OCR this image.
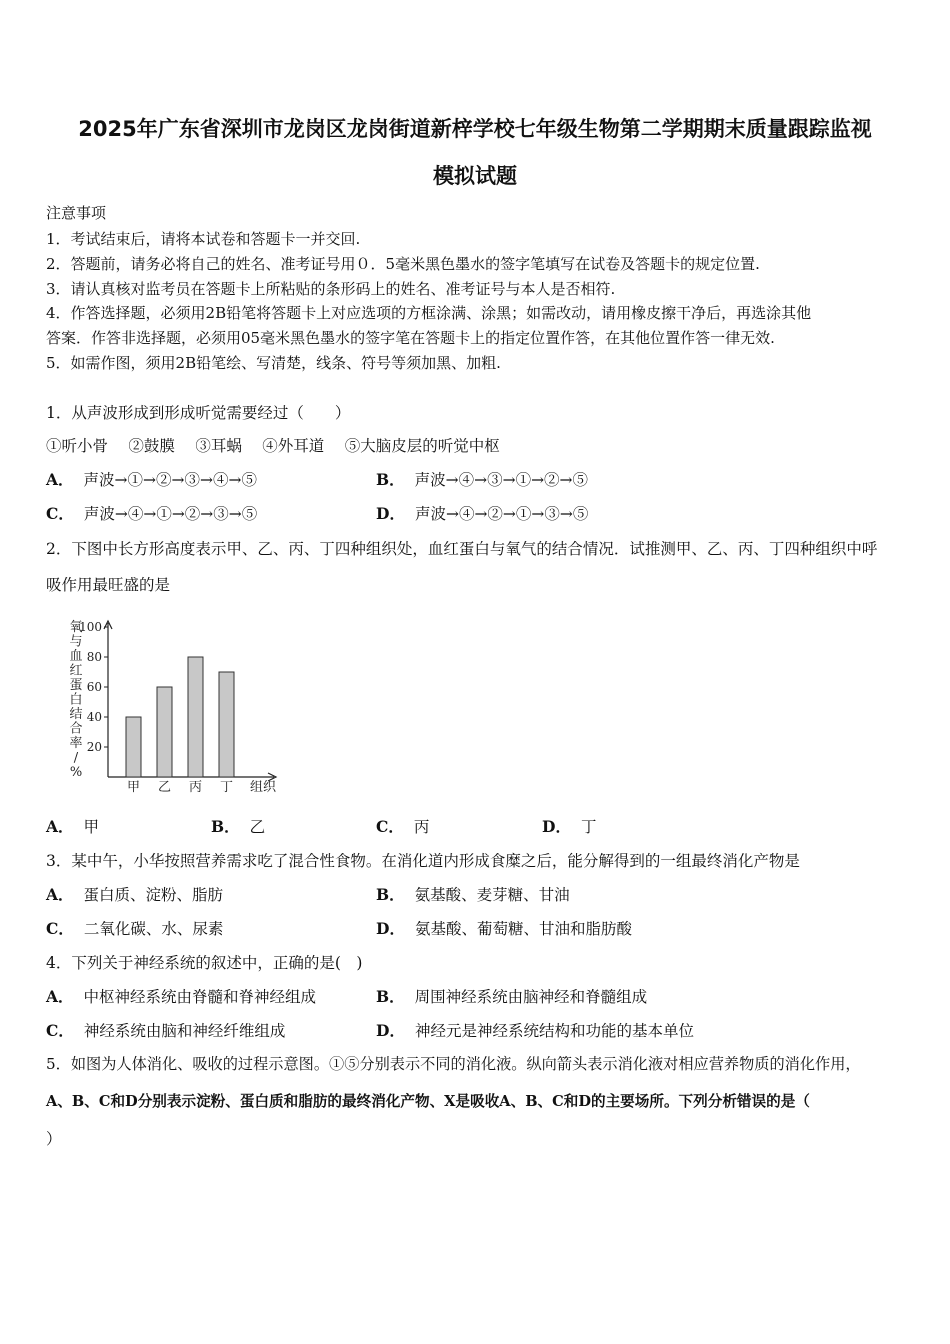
2025年广东省深圳市龙岗区龙岗街道新梓学校七年级生物第二学期期末质量跟踪监视
模拟试题
注意事项
1．考试结束后，请将本试卷和答题卡一并交回.
2．答题前，请务必将自己的姓名、准考证号用０．5毫米黑色墨水的签字笔填写在试卷及答题卡的规定位置.
3．请认真核对监考员在答题卡上所粘贴的条形码上的姓名、准考证号与本人是否相符.
4．作答选择题，必须用2B铅笔将答题卡上对应选项的方框涂满、涂黑；如需改动，请用橡皮擦干净后，再选涂其他
答案．作答非选择题，必须用05毫米黑色墨水的签字笔在答题卡上的指定位置作答，在其他位置作答一律无效.
5．如需作图，须用2B铅笔绘、写清楚，线条、符号等须加黑、加粗.
1．从声波形成到形成听觉需要经过（　　）
①听小骨　 ②鼓膜　 ③耳蜗　 ④外耳道　 ⑤大脑皮层的听觉中枢
A． 声波→①→②→③→④→⑤	B． 声波→④→③→①→②→⑤
C． 声波→④→①→②→③→⑤	D． 声波→④→②→①→③→⑤
2．下图中长方形高度表示甲、乙、丙、丁四种组织处，血红蛋白与氧气的结合情况．试推测甲、乙、丙、丁四种组织中呼
吸作用最旺盛的是
氧
与
血
红
蛋
白
结
合
率
/
%
20
40
60
80
100
甲 乙 丙 丁 组织
A． 甲	B． 乙	C． 丙	D． 丁
3．某中午，小华按照营养需求吃了混合性食物。在消化道内形成食糜之后，能分解得到的一组最终消化产物是
A． 蛋白质、淀粉、脂肪	B． 氨基酸、麦芽糖、甘油
C． 二氧化碳、水、尿素	D． 氨基酸、葡萄糖、甘油和脂肪酸
4．下列关于神经系统的叙述中，正确的是(　)
A． 中枢神经系统由脊髓和脊神经组成	B． 周围神经系统由脑神经和脊髓组成
C． 神经系统由脑和神经纤维组成	D． 神经元是神经系统结构和功能的基本单位
5．如图为人体消化、吸收的过程示意图。①⑤分别表示不同的消化液。纵向箭头表示消化液对相应营养物质的消化作用，
A、B、C和D分别表示淀粉、蛋白质和脂肪的最终消化产物、X是吸收A、B、C和D的主要场所。下列分析错误的是（
）
